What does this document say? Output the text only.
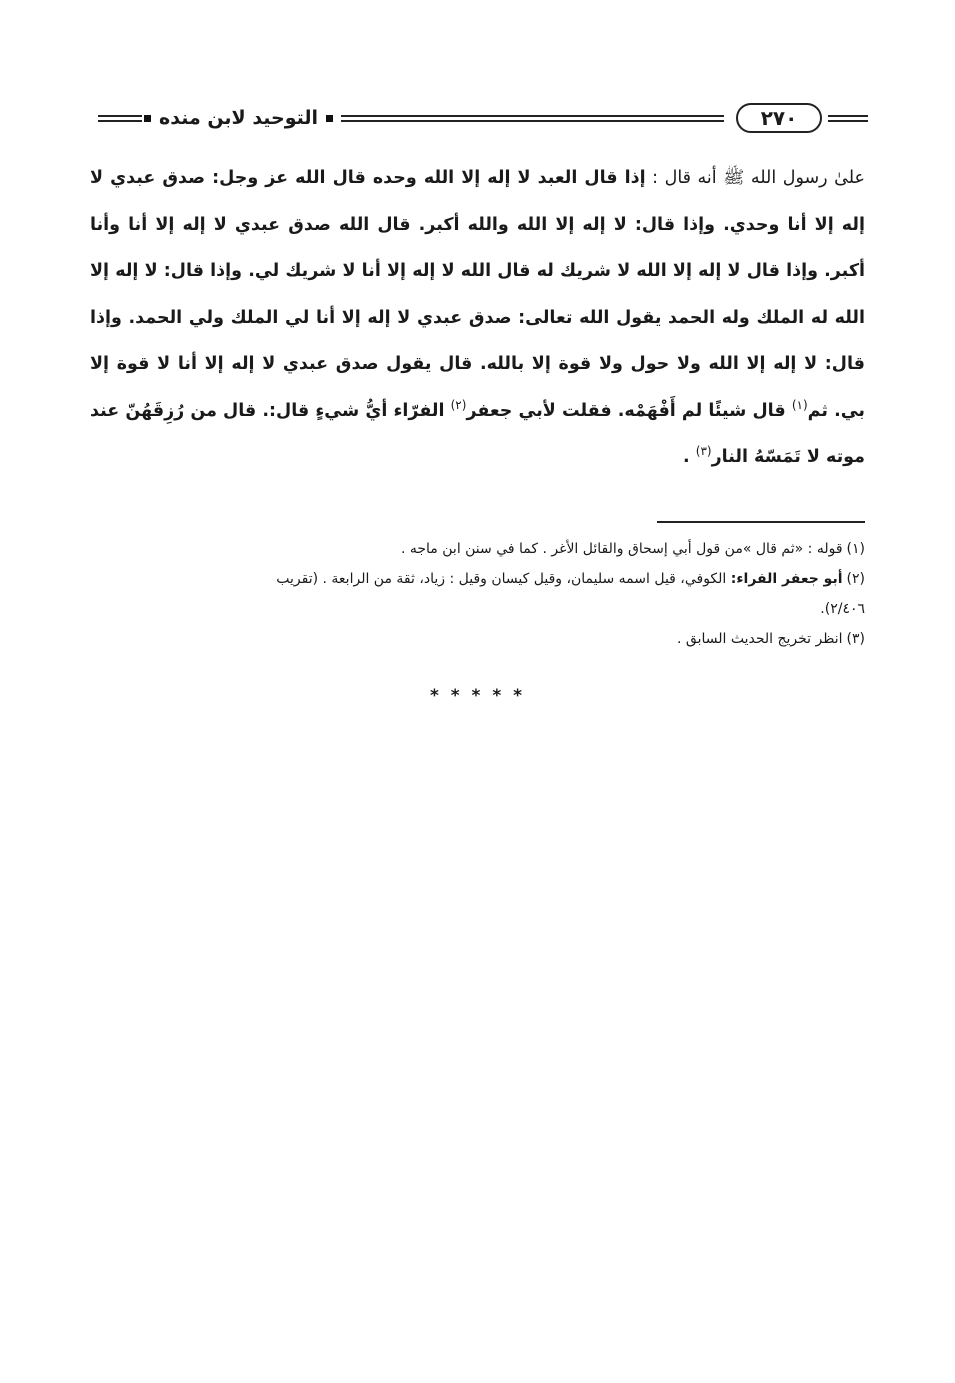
٢٧٠
التوحيد لابن منده

علىٰ رسول الله ﷺ أنه قال : إذا قال العبد لا إله إلا الله وحده قال الله عز وجل: صدق عبدي لا إله إلا أنا وحدي. وإذا قال: لا إله إلا الله والله أكبر. قال الله صدق عبدي لا إله إلا أنا وأنا أكبر. وإذا قال لا إله إلا الله لا شريك له قال الله لا إله إلا أنا لا شريك لي. وإذا قال: لا إله إلا الله له الملك وله الحمد يقول الله تعالى: صدق عبدي لا إله إلا أنا لي الملك ولي الحمد. وإذا قال: لا إله إلا الله ولا حول ولا قوة إلا بالله. قال يقول صدق عبدي لا إله إلا أنا لا قوة إلا بي. ثم$^{(١)}$ قال شيئًا لم أَفْهَمْه. فقلت لأبي جعفر$^{(٢)}$ الفرّاء أيُّ شيءٍ قال:. قال من رُزِقَهُنّ عند موته لا تَمَسّهُ النار$^{(٣)}$ .

(١)قوله : «ثم قال »من قول أبي إسحاق والقائل الأغر . كما في سنن ابن ماجه .
(٢)أبو جعفر الفراء: الكوفي، قيل اسمه سليمان، وقيل كيسان وقيل : زياد، ثقة من الرابعة . (تقريب
٢/٤٠٦).
(٣)انظر تخريج الحديث السابق .
* * * * *
